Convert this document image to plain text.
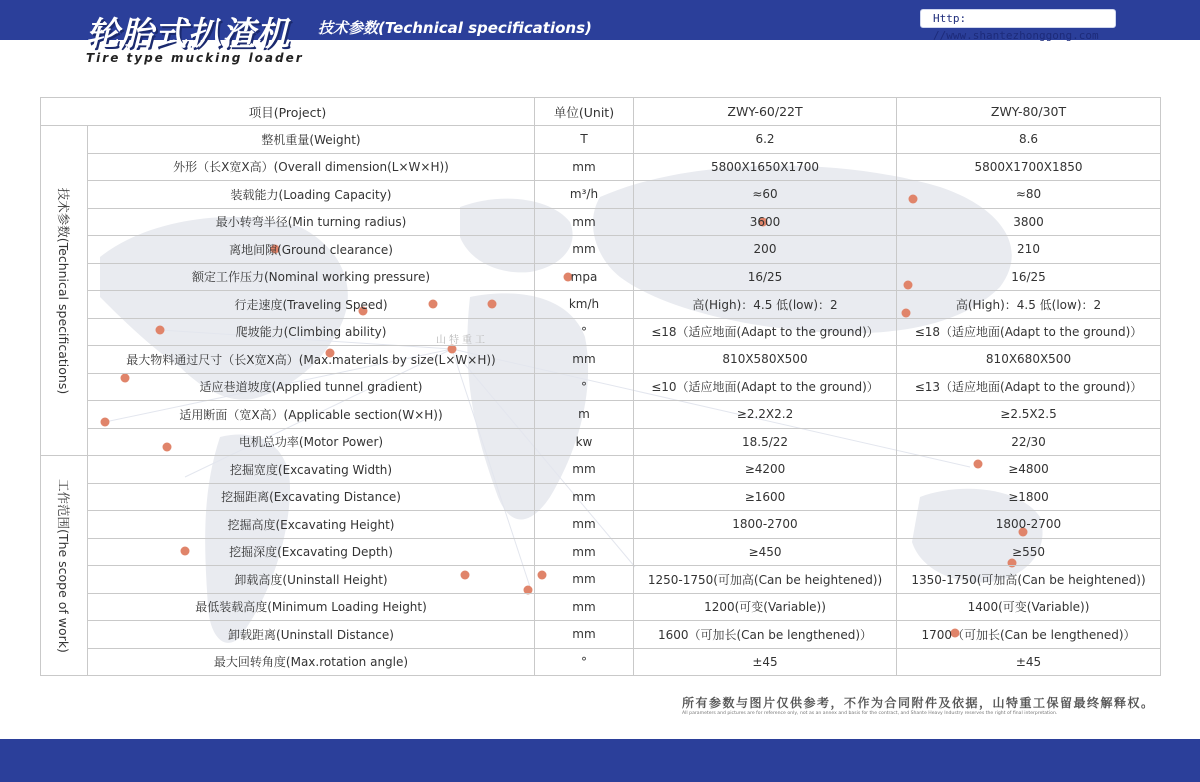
轮胎式扒渣机
Tire type mucking loader
技术参数(Technical specifications)
Http: //www.shantezhonggong.com
山特重工
项目(Project)		单位(Unit)	ZWY-60/22T	ZWY-80/30T

技术参数(Technical specifications)	整机重量(Weight)	T	6.2	8.6
	外形（长X宽X高）(Overall dimension(L×W×H))	mm	5800X1650X1700	5800X1700X1850
	装载能力(Loading Capacity)	m³/h	≈60	≈80
	最小转弯半径(Min turning radius)	mm	3600	3800
	离地间隙(Ground clearance)	mm	200	210
	额定工作压力(Nominal working pressure)	mpa	16/25	16/25
	行走速度(Traveling Speed)	km/h	高(High)：4.5 低(low)：2	高(High)：4.5 低(low)：2
	爬坡能力(Climbing ability)	°	≤18（适应地面(Adapt to the ground)）	≤18（适应地面(Adapt to the ground)）
	最大物料通过尺寸（长X宽X高）(Max.materials by size(L×W×H))	mm	810X580X500	810X680X500
	适应巷道坡度(Applied tunnel gradient)	°	≤10（适应地面(Adapt to the ground)）	≤13（适应地面(Adapt to the ground)）
	适用断面（宽X高）(Applicable section(W×H))	m	≥2.2X2.2	≥2.5X2.5
	电机总功率(Motor Power)	kw	18.5/22	22/30

工作范围(The scope of work)	挖掘宽度(Excavating Width)	mm	≥4200	≥4800
	挖掘距离(Excavating Distance)	mm	≥1600	≥1800
	挖掘高度(Excavating Height)	mm	1800-2700	1800-2700
	挖掘深度(Excavating Depth)	mm	≥450	≥550
	卸载高度(Uninstall Height)	mm	1250-1750(可加高(Can be heightened))	1350-1750(可加高(Can be heightened))
	最低装载高度(Minimum Loading Height)	mm	1200(可变(Variable))	1400(可变(Variable))
	卸载距离(Uninstall Distance)	mm	1600（可加长(Can be lengthened)）	1700（可加长(Can be lengthened)）
	最大回转角度(Max.rotation angle)	°	±45	±45
所有参数与图片仅供参考，不作为合同附件及依据，山特重工保留最终解释权。
All parameters and pictures are for reference only, not as an annex and basis for the contract, and Shante Heavy Industry reserves the right of final interpretation.
